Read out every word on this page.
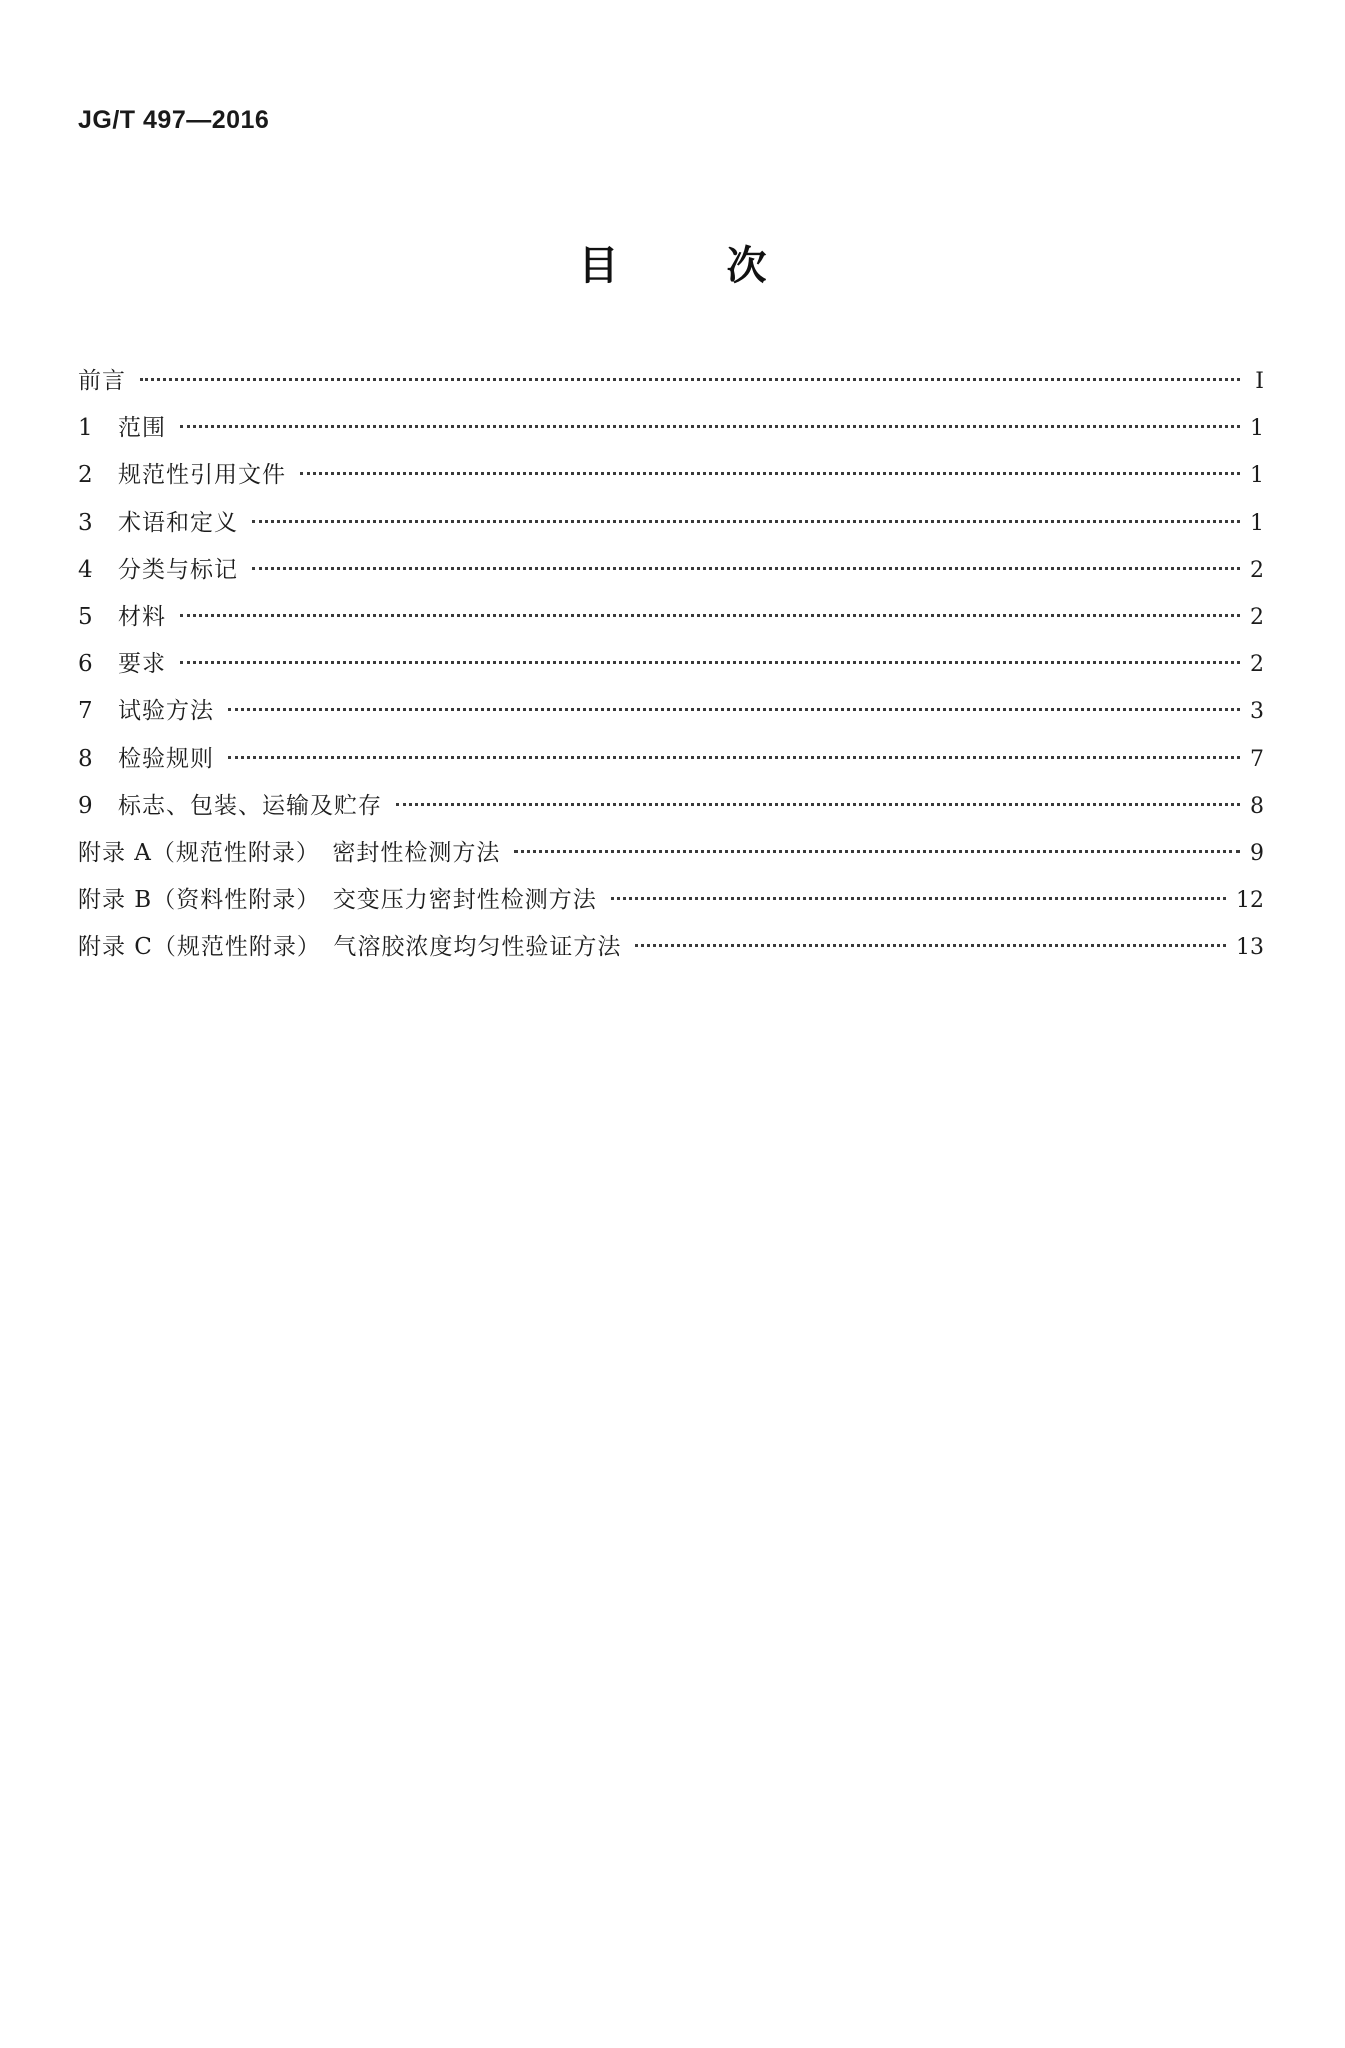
JG/T 497—2016
目次
前言	I
1	范围	1
2	规范性引用文件	1
3	术语和定义	1
4	分类与标记	2
5	材料	2
6	要求	2
7	试验方法	3
8	检验规则	7
9	标志、包装、运输及贮存	8
附录 A（规范性附录）　密封性检测方法	9
附录 B（资料性附录）　交变压力密封性检测方法	12
附录 C（规范性附录）　气溶胶浓度均匀性验证方法	13
